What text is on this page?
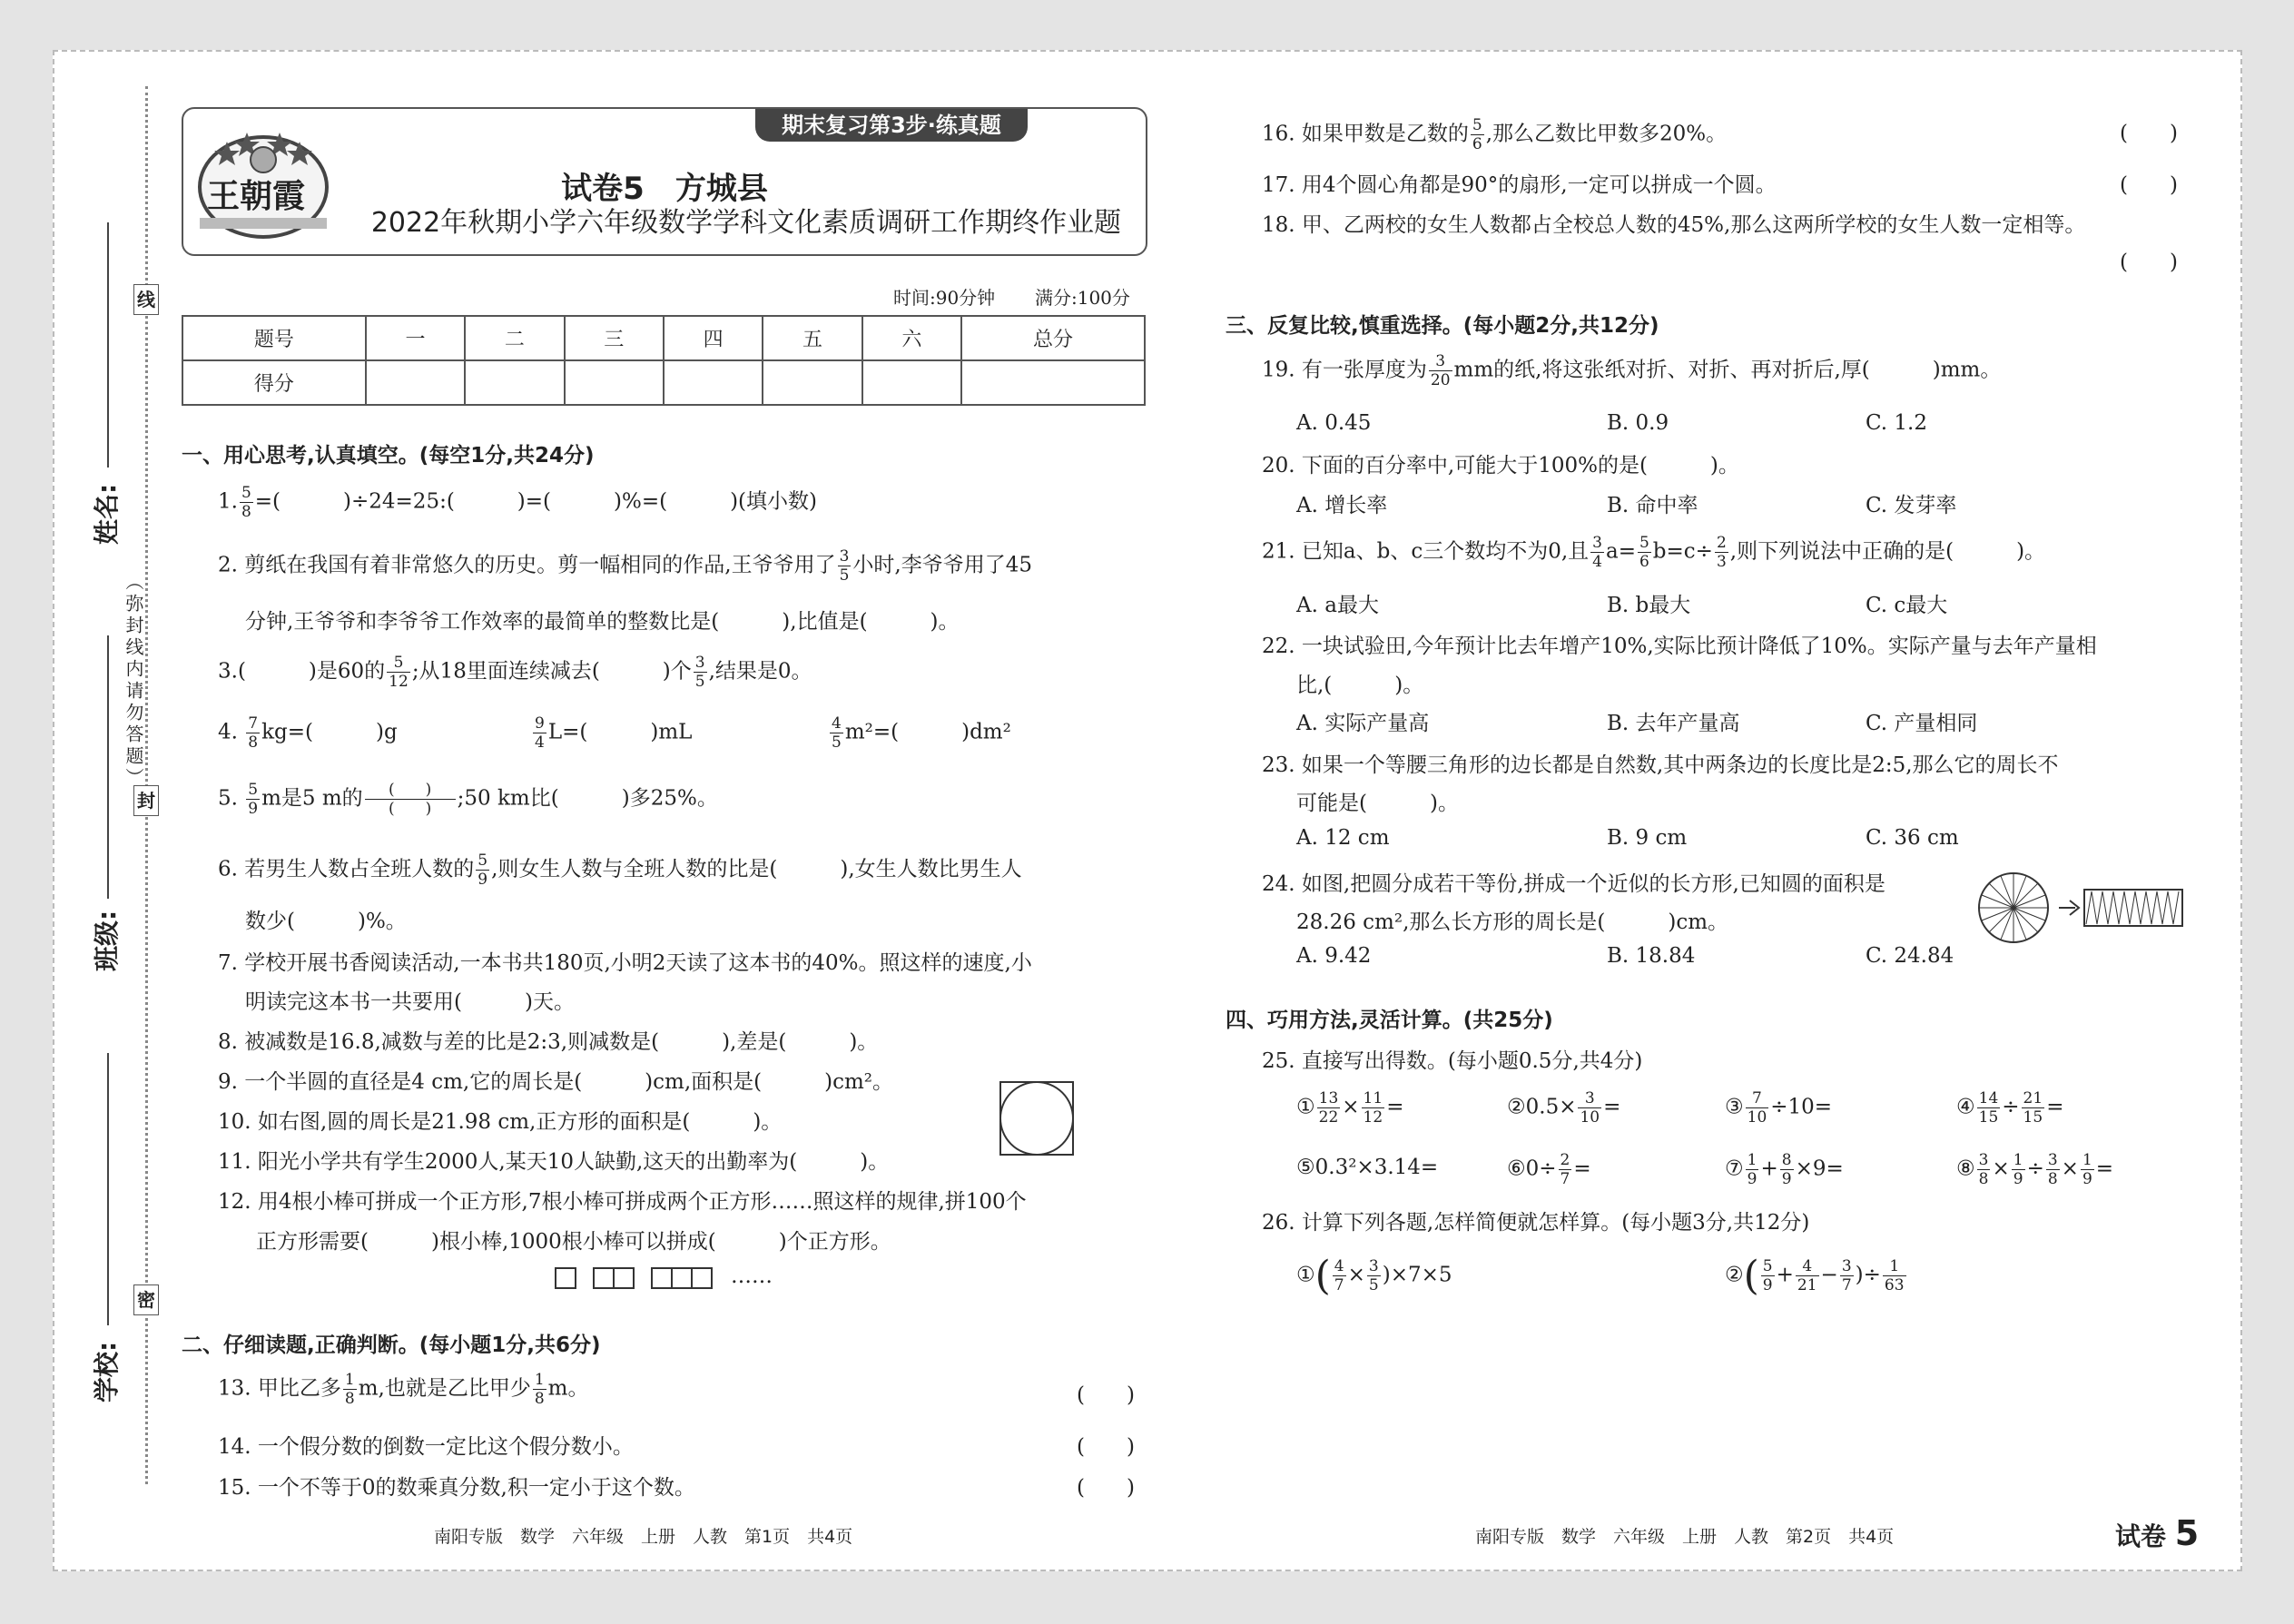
线
封
密
（弥封线内请勿答题）
姓名:
班级:
学校:
王朝霞
期末复习第3步·练真题
试卷5　方城县
2022年秋期小学六年级数学学科文化素质调研工作期终作业题
时间:90分钟 满分:100分
题号	一	二	三	四	五	六	总分
得分							
一、用心思考,认真填空。(每空1分,共24分)
1. $\frac{5}{8}$ =(　　　)÷24=25:(　　　)=(　　　)%=(　　　)(填小数)
2. 剪纸在我国有着非常悠久的历史。剪一幅相同的作品,王爷爷用了 $\frac{3}{5}$ 小时,李爷爷用了45
分钟,王爷爷和李爷爷工作效率的最简单的整数比是(　　　),比值是(　　　)。
3.(　　　)是60的 $\frac{5}{12}$ ;从18里面连续减去(　　　)个 $\frac{3}{5}$ ,结果是0。
4. $\frac{7}{8} kg=$(　　　)g	$\frac{9}{4} L=$(　　　)mL	$\frac{4}{5} m^2=$(　　　)dm²
5. $\frac{5}{9}$ m是5 m的 $\frac{( )}{( )}$ ;50 km比(　　　)多25%。
6. 若男生人数占全班人数的 $\frac{5}{9}$ ,则女生人数与全班人数的比是(　　　),女生人数比男生人
数少(　　　)%。
7. 学校开展书香阅读活动,一本书共180页,小明2天读了这本书的40%。照这样的速度,小
明读完这本书一共要用(　　　)天。
8. 被减数是16.8,减数与差的比是2:3,则减数是(　　　),差是(　　　)。
9. 一个半圆的直径是4 cm,它的周长是(　　　)cm,面积是(　　　)cm²。
10. 如右图,圆的周长是21.98 cm,正方形的面积是(　　　)。
11. 阳光小学共有学生2000人,某天10人缺勤,这天的出勤率为(　　　)。
12. 用4根小棒可拼成一个正方形,7根小棒可拼成两个正方形……照这样的规律,拼100个
正方形需要(　　　)根小棒,1000根小棒可以拼成(　　　)个正方形。
……
二、仔细读题,正确判断。(每小题1分,共6分)
13. 甲比乙多 $\frac{1}{8} m$,也就是乙比甲少 $\frac{1}{8}$ m。	(　　)
14. 一个假分数的倒数一定比这个假分数小。	(　　)
15. 一个不等于0的数乘真分数,积一定小于这个数。	(　　)
南阳专版　数学　六年级　上册　人教　第1页　共4页
16. 如果甲数是乙数的 $\frac{5}{6}$ ,那么乙数比甲数多20%。	(　　)
17. 用4个圆心角都是90°的扇形,一定可以拼成一个圆。	(　　)
18. 甲、乙两校的女生人数都占全校总人数的45%,那么这两所学校的女生人数一定相等。
(　　)
三、反复比较,慎重选择。(每小题2分,共12分)
19. 有一张厚度为 $\frac{3}{20}$ mm的纸,将这张纸对折、对折、再对折后,厚(　　　)mm。
A. 0.45	B. 0.9	C. 1.2
20. 下面的百分率中,可能大于100%的是(　　　)。
A. 增长率	B. 命中率	C. 发芽率
21. 已知a、b、c三个数均不为0,且 $\frac{3}{4} a= \frac{5}{6} b=c\div \frac{2}{3}$ ,则下列说法中正确的是(　　　)。
A. a最大	B. b最大	C. c最大
22. 一块试验田,今年预计比去年增产10%,实际比预计降低了10%。实际产量与去年产量相
比,(　　　)。
A. 实际产量高	B. 去年产量高	C. 产量相同
23. 如果一个等腰三角形的边长都是自然数,其中两条边的长度比是2:5,那么它的周长不
可能是(　　　)。
A. 12 cm	B. 9 cm	C. 36 cm
24. 如图,把圆分成若干等份,拼成一个近似的长方形,已知圆的面积是
28.26 cm²,那么长方形的周长是(　　　)cm。
A. 9.42	B. 18.84	C. 24.84
四、巧用方法,灵活计算。(共25分)
25. 直接写出得数。(每小题0.5分,共4分)
① $\frac{13}{22} \times \frac{11}{12}$ =	②0.5× $\frac{3}{10}$ =	③ $\frac{7}{10} \div 10=$	④ $\frac{14}{15} \div \frac{21}{15}$ =
⑤0.3²×3.14=	⑥0÷ $\frac{2}{7}$ =	⑦ $\frac{1}{9} + \frac{8}{9} \times 9=$	⑧ $\frac{3}{8} \times \frac{1}{9} \div \frac{3}{8} \times \frac{1}{9}$ =
26. 计算下列各题,怎样简便就怎样算。(每小题3分,共12分)
①( $\frac{4}{7} \times \frac{3}{5} )\times 7\times 5$	②( $\frac{5}{9} + \frac{4}{21} - \frac{3}{7}$ )÷ $\frac{1}{63}$
南阳专版　数学　六年级　上册　人教　第2页　共4页	试卷 5
